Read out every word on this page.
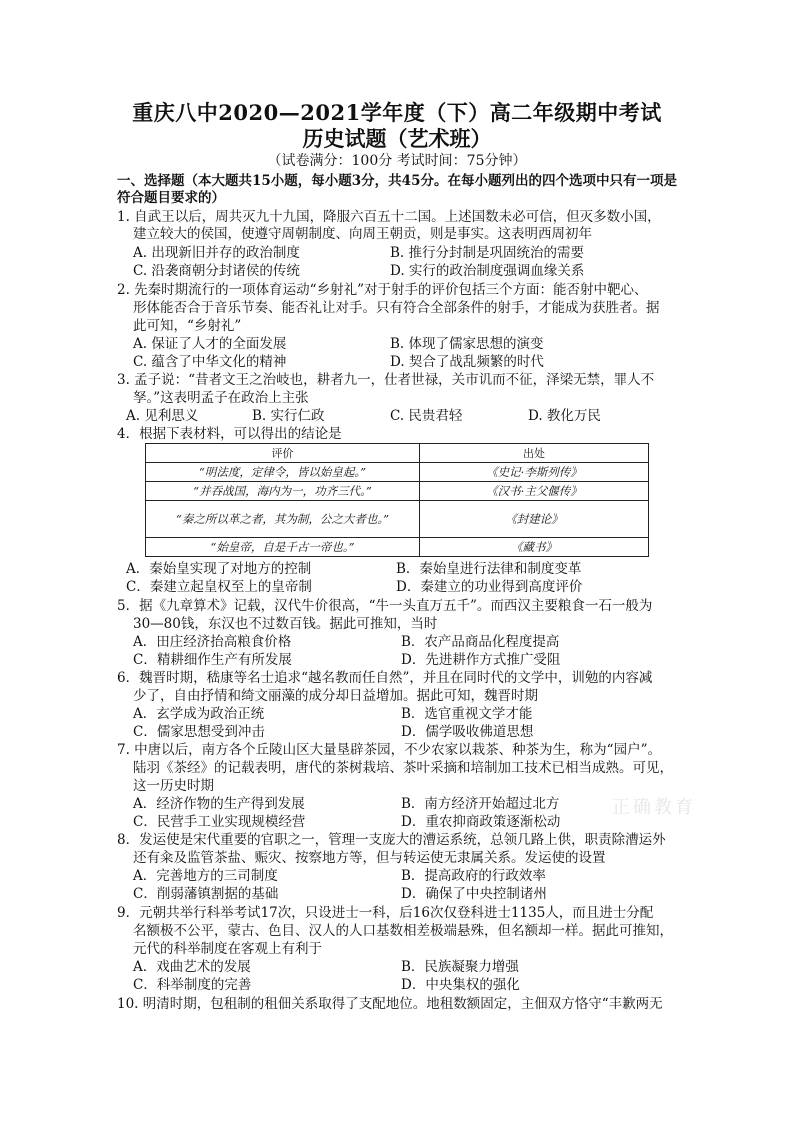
重庆八中2020—2021学年度（下）高二年级期中考试
历史试题（艺术班）
（试卷满分：100分 考试时间：75分钟）
一、选择题（本大题共15小题，每小题3分，共45分。在每小题列出的四个选项中只有一项是
符合题目要求的）
1. 自武王以后，周共灭九十九国，降服六百五十二国。上述国数未必可信，但灭多数小国，
建立较大的侯国，使遵守周朝制度、向周王朝贡，则是事实。这表明西周初年
A. 出现新旧并存的政治制度	B. 推行分封制是巩固统治的需要
C. 沿袭商朝分封诸侯的传统	D. 实行的政治制度强调血缘关系
2. 先秦时期流行的一项体育运动“乡射礼”对于射手的评价包括三个方面：能否射中靶心、
形体能否合于音乐节奏、能否礼让对手。只有符合全部条件的射手，才能成为获胜者。据
此可知，“乡射礼”
A. 保证了人才的全面发展	B. 体现了儒家思想的演变
C. 蕴含了中华文化的精神	D. 契合了战乱频繁的时代
3. 孟子说：“昔者文王之治岐也，耕者九一，仕者世禄，关市讥而不征，泽梁无禁，罪人不
孥。”这表明孟子在政治上主张
A. 见利思义	B. 实行仁政	C. 民贵君轻	D. 教化万民
4．根据下表材料，可以得出的结论是
评价	出处
“明法度，定律令，皆以始皇起。”	《史记·李斯列传》
“并吞战国，海内为一，功齐三代。”	《汉书·主父偃传》
“秦之所以革之者，其为制，公之大者也。”	《封建论》
“始皇帝，自是千古一帝也。”	《藏书》
A．秦始皇实现了对地方的控制	B．秦始皇进行法律和制度变革
C．秦建立起皇权至上的皇帝制	D．秦建立的功业得到高度评价
5．据《九章算术》记载，汉代牛价很高，“牛一头直万五千”。而西汉主要粮食一石一般为
30—80钱，东汉也不过数百钱。据此可推知，当时
A．田庄经济抬高粮食价格	B．农产品商品化程度提高
C．精耕细作生产有所发展	D．先进耕作方式推广受阻
6．魏晋时期，嵇康等名士追求“越名教而任自然”，并且在同时代的文学中，训勉的内容减
少了，自由抒情和绮文丽藻的成分却日益增加。据此可知，魏晋时期
A．玄学成为政治正统	B．选官重视文学才能
C．儒家思想受到冲击	D．儒学吸收佛道思想
7. 中唐以后，南方各个丘陵山区大量垦辟茶园，不少农家以栽茶、种茶为生，称为“园户”。
陆羽《茶经》的记载表明，唐代的茶树栽培、茶叶采摘和培制加工技术已相当成熟。可见，
这一历史时期
A．经济作物的生产得到发展	B．南方经济开始超过北方
C．民营手工业实现规模经营	D．重农抑商政策逐渐松动
8．发运使是宋代重要的官职之一，管理一支庞大的漕运系统，总领几路上供，职责除漕运外
还有籴及监管茶盐、赈灾、按察地方等，但与转运使无隶属关系。发运使的设置
A．完善地方的三司制度	B．提高政府的行政效率
C．削弱藩镇割据的基础	D．确保了中央控制诸州
9．元朝共举行科举考试17次，只设进士一科，后16次仅登科进士1135人，而且进士分配
名额极不公平，蒙古、色目、汉人的人口基数相差极端悬殊，但名额却一样。据此可推知，
元代的科举制度在客观上有利于
A．戏曲艺术的发展	B．民族凝聚力增强
C．科举制度的完善	D．中央集权的强化
10. 明清时期，包租制的租佃关系取得了支配地位。地租数额固定，主佃双方恪守“丰歉两无
正确教育
